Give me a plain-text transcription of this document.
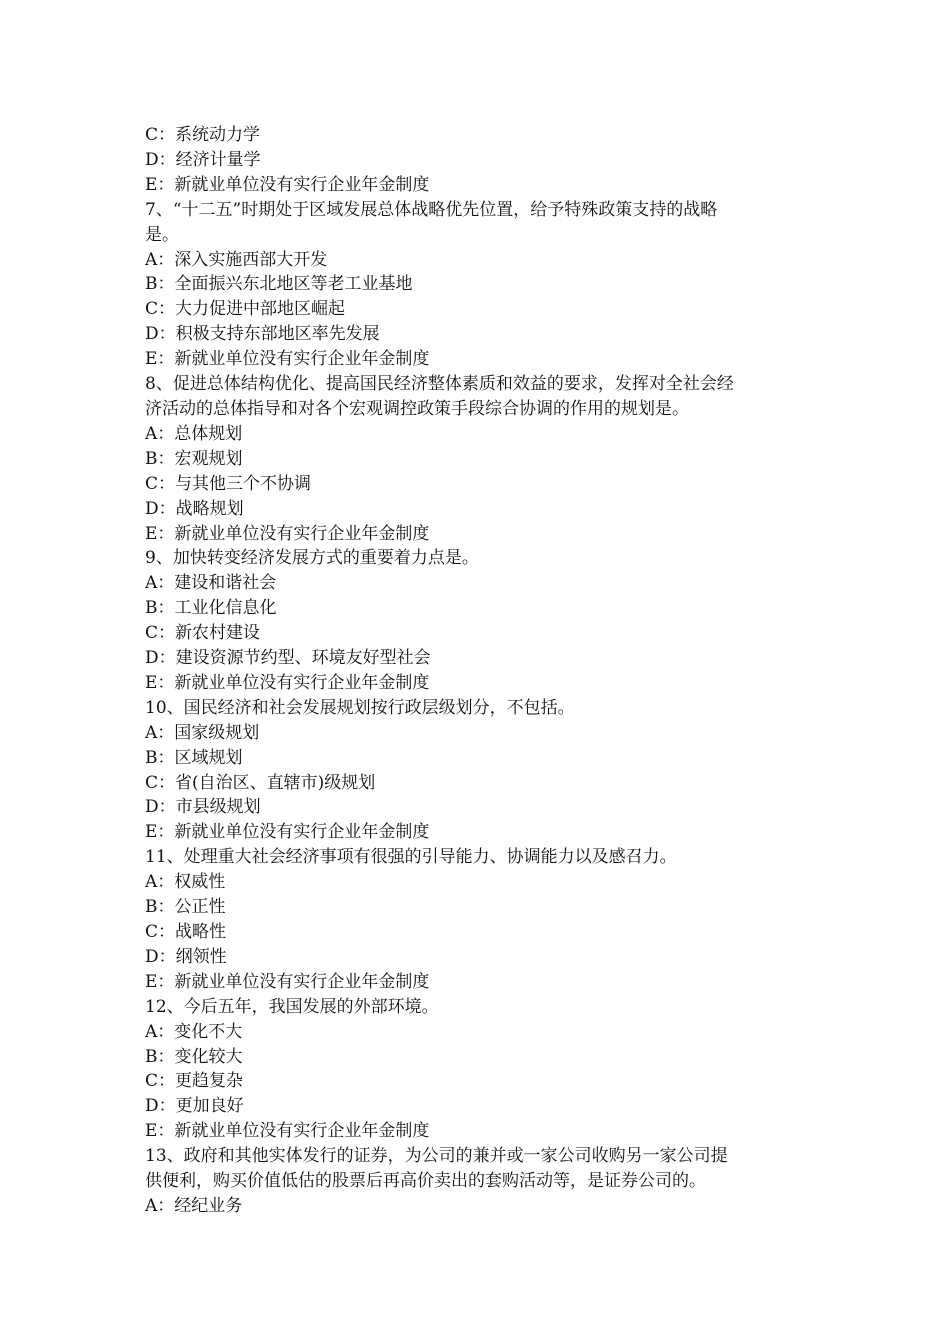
C：系统动力学

D：经济计量学

E：新就业单位没有实行企业年金制度

7、“十二五”时期处于区域发展总体战略优先位置，给予特殊政策支持的战略

是。

A：深入实施西部大开发

B：全面振兴东北地区等老工业基地

C：大力促进中部地区崛起

D：积极支持东部地区率先发展

E：新就业单位没有实行企业年金制度

8、促进总体结构优化、提高国民经济整体素质和效益的要求，发挥对全社会经

济活动的总体指导和对各个宏观调控政策手段综合协调的作用的规划是。

A：总体规划

B：宏观规划

C：与其他三个不协调

D：战略规划

E：新就业单位没有实行企业年金制度

9、加快转变经济发展方式的重要着力点是。

A：建设和谐社会

B：工业化信息化

C：新农村建设

D：建设资源节约型、环境友好型社会

E：新就业单位没有实行企业年金制度

10、国民经济和社会发展规划按行政层级划分，不包括。

A：国家级规划

B：区域规划

C：省(自治区、直辖市)级规划

D：市县级规划

E：新就业单位没有实行企业年金制度

11、处理重大社会经济事项有很强的引导能力、协调能力以及感召力。

A：权威性

B：公正性

C：战略性

D：纲领性

E：新就业单位没有实行企业年金制度

12、今后五年，我国发展的外部环境。

A：变化不大

B：变化较大

C：更趋复杂

D：更加良好

E：新就业单位没有实行企业年金制度

13、政府和其他实体发行的证券，为公司的兼并或一家公司收购另一家公司提

供便利，购买价值低估的股票后再高价卖出的套购活动等，是证券公司的。

A：经纪业务
